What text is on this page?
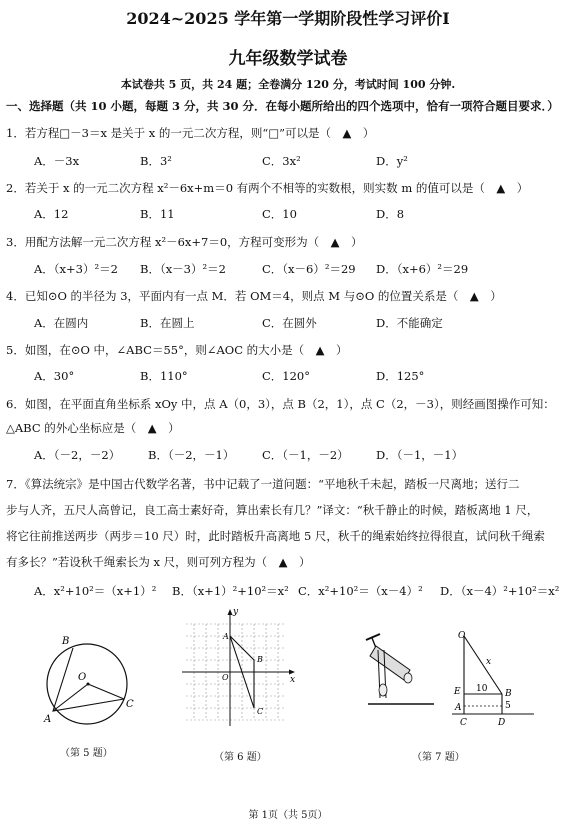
2024~2025 学年第一学期阶段性学习评价I
九年级数学试卷
本试卷共 5 页，共 24 题；全卷满分 120 分，考试时间 100 分钟.
一、选择题（共 10 小题，每题 3 分，共 30 分．在每小题所给出的四个选项中，恰有一项符合题目要求．）
1．若方程□－3＝x 是关于 x 的一元二次方程，则“□”可以是（　▲　）
A．－3x	B．3²	C．3x²	D．y²
2．若关于 x 的一元二次方程 x²－6x+m＝0 有两个不相等的实数根，则实数 m 的值可以是（　▲　）
A．12	B．11	C．10	D．8
3．用配方法解一元二次方程 x²－6x+7＝0，方程可变形为（　▲　）
A．（x+3）²＝2 B．（x－3）²＝2	C．（x－6）²＝29 D．（x+6）²＝29
4．已知⊙O 的半径为 3，平面内有一点 M．若 OM＝4，则点 M 与⊙O 的位置关系是（　▲　）
A．在圆内	B．在圆上	C．在圆外	D．不能确定
5．如图，在⊙O 中，∠ABC＝55°，则∠AOC 的大小是（　▲　）
A．30°	B．110°	C．120°	D．125°
6．如图，在平面直角坐标系 xOy 中，点 A（0，3），点 B（2，1），点 C（2，－3），则经画图操作可知：
△ABC 的外心坐标应是（　▲　）
A．（－2，－2） B．（－2，－1） C．（－1，－2） D．（－1，－1）
7．《算法统宗》是中国古代数学名著，书中记载了一道问题：“平地秋千未起，踏板一尺离地；送行二
步与人齐，五尺人高曾记，良工高士素好奇，算出索长有几？”译文：“秋千静止的时候，踏板离地 1 尺，
将它往前推送两步（两步＝10 尺）时，此时踏板升高离地 5 尺，秋千的绳索始终拉得很直，试问秋千绳索
有多长？”若设秋千绳索长为 x 尺，则可列方程为（　▲　）
A．x²+10²＝（x+1）² B．（x+1）²+10²＝x² C．x²+10²＝（x－4）² D．（x－4）²+10²＝x²
B
O
A
C
（第 5 题）
y
A
B
O	x
C
（第 6 题）
O
x
E 10 B
A	5
C	D
（第 7 题）
第 1页（共 5页）
